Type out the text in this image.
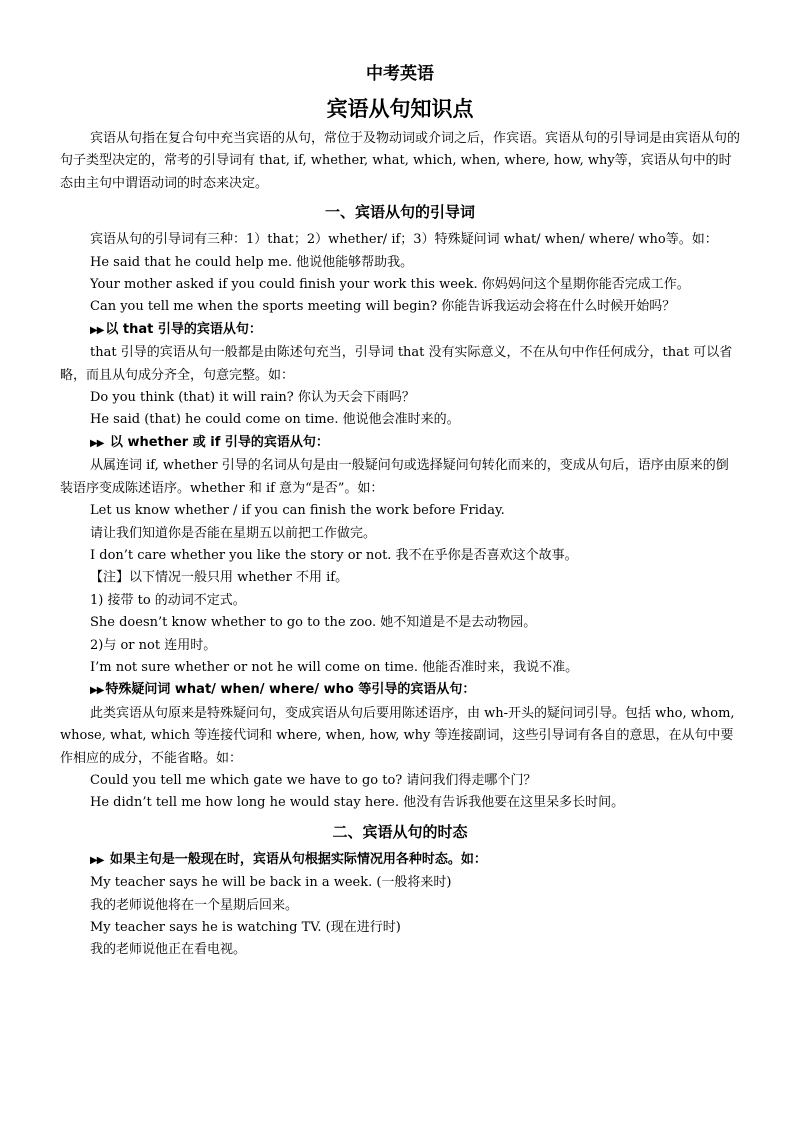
中考英语
宾语从句知识点

宾语从句指在复合句中充当宾语的从句，常位于及物动词或介词之后，作宾语。宾语从句的引导词是由宾语从句的句子类型决定的，常考的引导词有 that, if, whether, what, which, when, where, how, why等，宾语从句中的时态由主句中谓语动词的时态来决定。

一、宾语从句的引导词

宾语从句的引导词有三种：1）that；2）whether/ if；3）特殊疑问词 what/ when/ where/ who等。如：

He said that he could help me. 他说他能够帮助我。

Your mother asked if you could finish your work this week. 你妈妈问这个星期你能否完成工作。

Can you tell me when the sports meeting will begin? 你能告诉我运动会将在什么时候开始吗？

▶▶ 以 that 引导的宾语从句：

that 引导的宾语从句一般都是由陈述句充当，引导词 that 没有实际意义，不在从句中作任何成分，that 可以省略，而且从句成分齐全，句意完整。如：

Do you think (that) it will rain? 你认为天会下雨吗？

He said (that) he could come on time. 他说他会准时来的。

▶▶ 以 whether 或 if 引导的宾语从句：

从属连词 if, whether 引导的名词从句是由一般疑问句或选择疑问句转化而来的，变成从句后，语序由原来的倒装语序变成陈述语序。whether 和 if 意为“是否”。如：

Let us know whether / if you can finish the work before Friday.

请让我们知道你是否能在星期五以前把工作做完。

I don’t care whether you like the story or not. 我不在乎你是否喜欢这个故事。

【注】以下情况一般只用 whether 不用 if。

1) 接带 to 的动词不定式。

She doesn’t know whether to go to the zoo. 她不知道是不是去动物园。

2)与 or not 连用时。

I’m not sure whether or not he will come on time. 他能否准时来，我说不准。

▶▶ 特殊疑问词 what/ when/ where/ who 等引导的宾语从句：

此类宾语从句原来是特殊疑问句，变成宾语从句后要用陈述语序，由 wh-开头的疑问词引导。包括 who, whom, whose, what, which 等连接代词和 where, when, how, why 等连接副词，这些引导词有各自的意思，在从句中要作相应的成分，不能省略。如：

Could you tell me which gate we have to go to? 请问我们得走哪个门？

He didn’t tell me how long he would stay here. 他没有告诉我他要在这里呆多长时间。

二、宾语从句的时态

▶▶ 如果主句是一般现在时，宾语从句根据实际情况用各种时态。如：

My teacher says he will be back in a week. (一般将来时)

我的老师说他将在一个星期后回来。

My teacher says he is watching TV. (现在进行时)

我的老师说他正在看电视。
